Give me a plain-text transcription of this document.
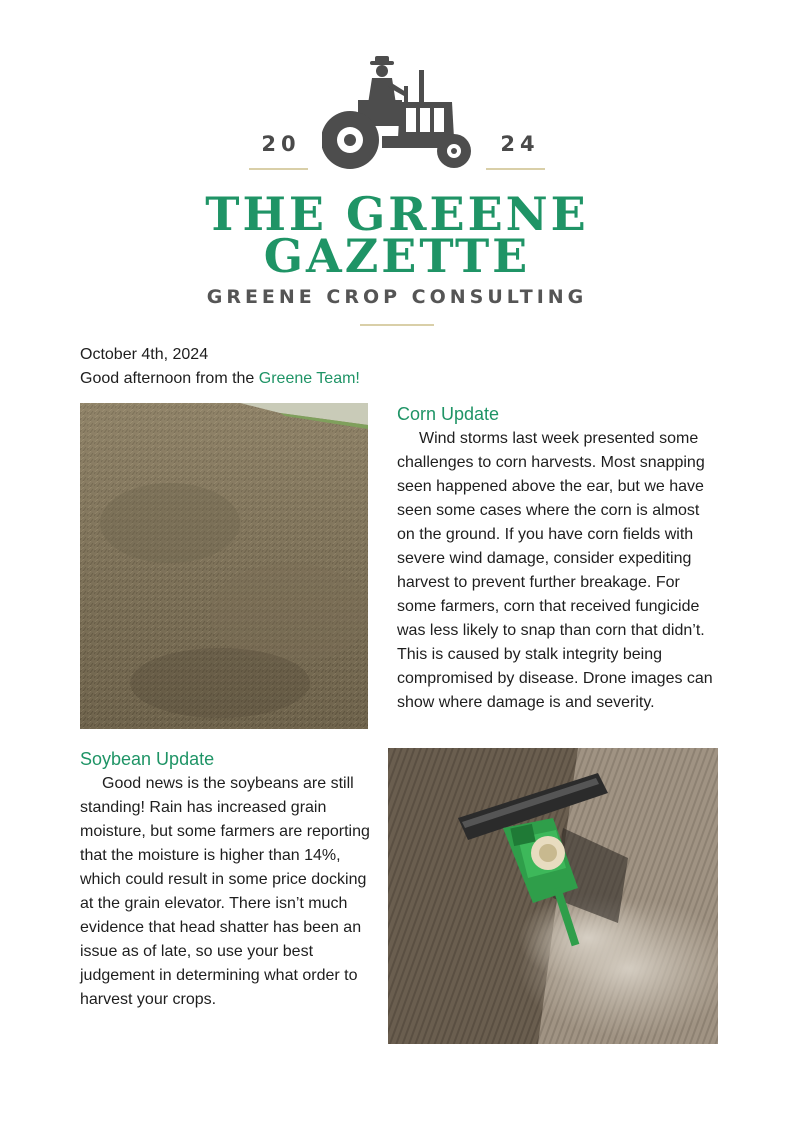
20	24
THE GREENE
GAZETTE
GREENE CROP CONSULTING
October 4th, 2024
Good afternoon from the Greene Team!
Corn Update

Wind storms last week presented some challenges to corn harvests. Most snapping seen happened above the ear, but we have seen some cases where the corn is almost on the ground. If you have corn fields with severe wind damage, consider expediting harvest to prevent further breakage. For some farmers, corn that received fungicide was less likely to snap than corn that didn’t. This is caused by stalk integrity being compromised by disease. Drone images can show where damage is and severity.

Soybean Update

Good news is the soybeans are still standing! Rain has increased grain moisture, but some farmers are reporting that the moisture is higher than 14%, which could result in some price docking at the grain elevator. There isn’t much evidence that head shatter has been an issue as of late, so use your best judgement in determining what order to harvest your crops.
